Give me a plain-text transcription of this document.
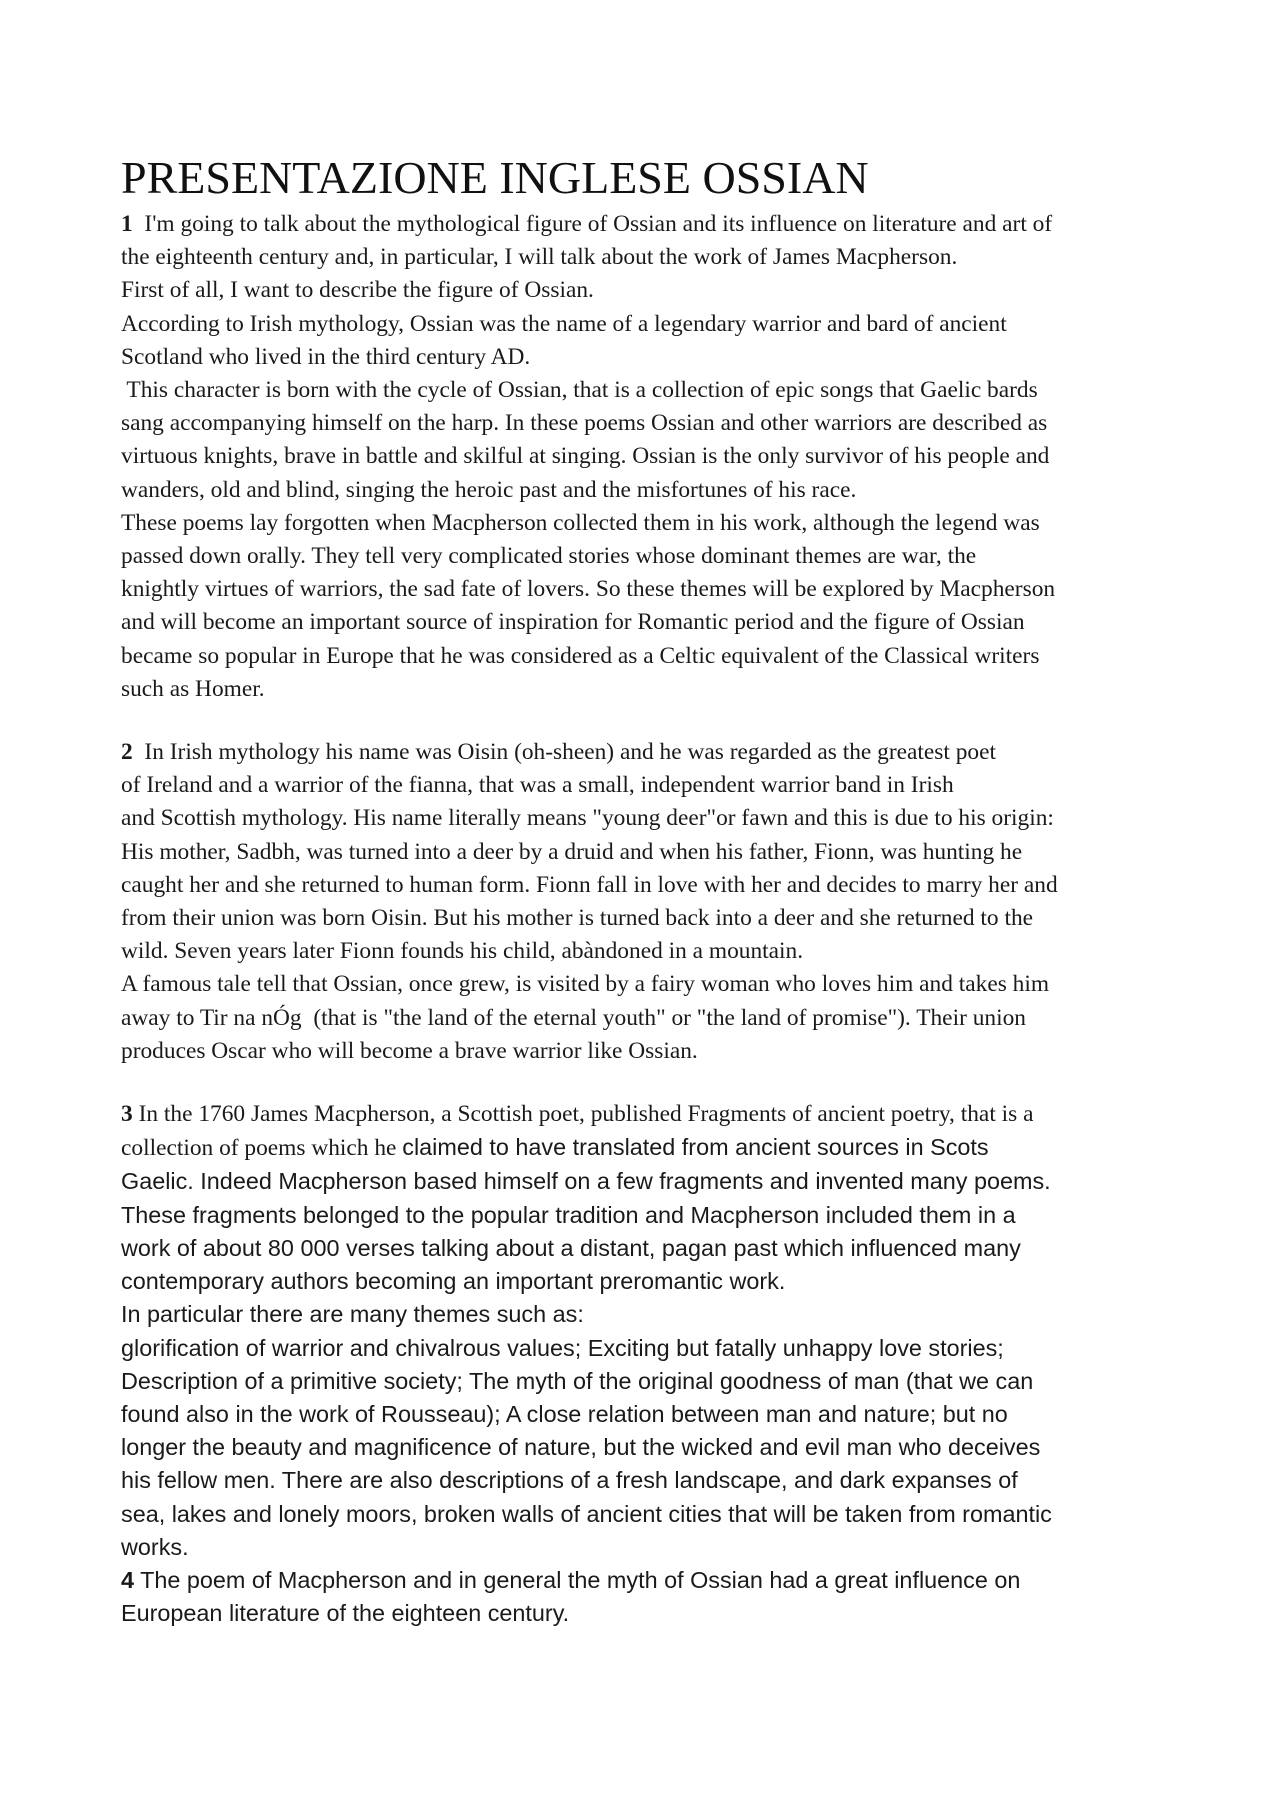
PRESENTAZIONE INGLESE OSSIAN
1 I'm going to talk about the mythological figure of Ossian and its influence on literature and art of
the eighteenth century and, in particular, I will talk about the work of James Macpherson.
First of all, I want to describe the figure of Ossian.
According to Irish mythology, Ossian was the name of a legendary warrior and bard of ancient
Scotland who lived in the third century AD.
This character is born with the cycle of Ossian, that is a collection of epic songs that Gaelic bards
sang accompanying himself on the harp. In these poems Ossian and other warriors are described as
virtuous knights, brave in battle and skilful at singing. Ossian is the only survivor of his people and
wanders, old and blind, singing the heroic past and the misfortunes of his race.
These poems lay forgotten when Macpherson collected them in his work, although the legend was
passed down orally. They tell very complicated stories whose dominant themes are war, the
knightly virtues of warriors, the sad fate of lovers. So these themes will be explored by Macpherson
and will become an important source of inspiration for Romantic period and the figure of Ossian
became so popular in Europe that he was considered as a Celtic equivalent of the Classical writers
such as Homer.
2 In Irish mythology his name was Oisin (oh-sheen) and he was regarded as the greatest poet
of Ireland and a warrior of the fianna, that was a small, independent warrior band in Irish
and Scottish mythology. His name literally means "young deer"or fawn and this is due to his origin:
His mother, Sadbh, was turned into a deer by a druid and when his father, Fionn, was hunting he
caught her and she returned to human form. Fionn fall in love with her and decides to marry her and
from their union was born Oisin. But his mother is turned back into a deer and she returned to the
wild. Seven years later Fionn founds his child, abàndoned in a mountain.
A famous tale tell that Ossian, once grew, is visited by a fairy woman who loves him and takes him
away to Tir na nÓg  (that is "the land of the eternal youth" or "the land of promise"). Their union
produces Oscar who will become a brave warrior like Ossian.
3 In the 1760 James Macpherson, a Scottish poet, published Fragments of ancient poetry, that is a
collection of poems which he claimed to have translated from ancient sources in Scots
Gaelic. Indeed Macpherson based himself on a few fragments and invented many poems.
These fragments belonged to the popular tradition and Macpherson included them in a
work of about 80 000 verses talking about a distant, pagan past which influenced many
contemporary authors becoming an important preromantic work.
In particular there are many themes such as:
glorification of warrior and chivalrous values; Exciting but fatally unhappy love stories;
Description of a primitive society; The myth of the original goodness of man (that we can
found also in the work of Rousseau); A close relation between man and nature; but no
longer the beauty and magnificence of nature, but the wicked and evil man who deceives
his fellow men. There are also descriptions of a fresh landscape, and dark expanses of
sea, lakes and lonely moors, broken walls of ancient cities that will be taken from romantic
works.
4 The poem of Macpherson and in general the myth of Ossian had a great influence on
European literature of the eighteen century.
